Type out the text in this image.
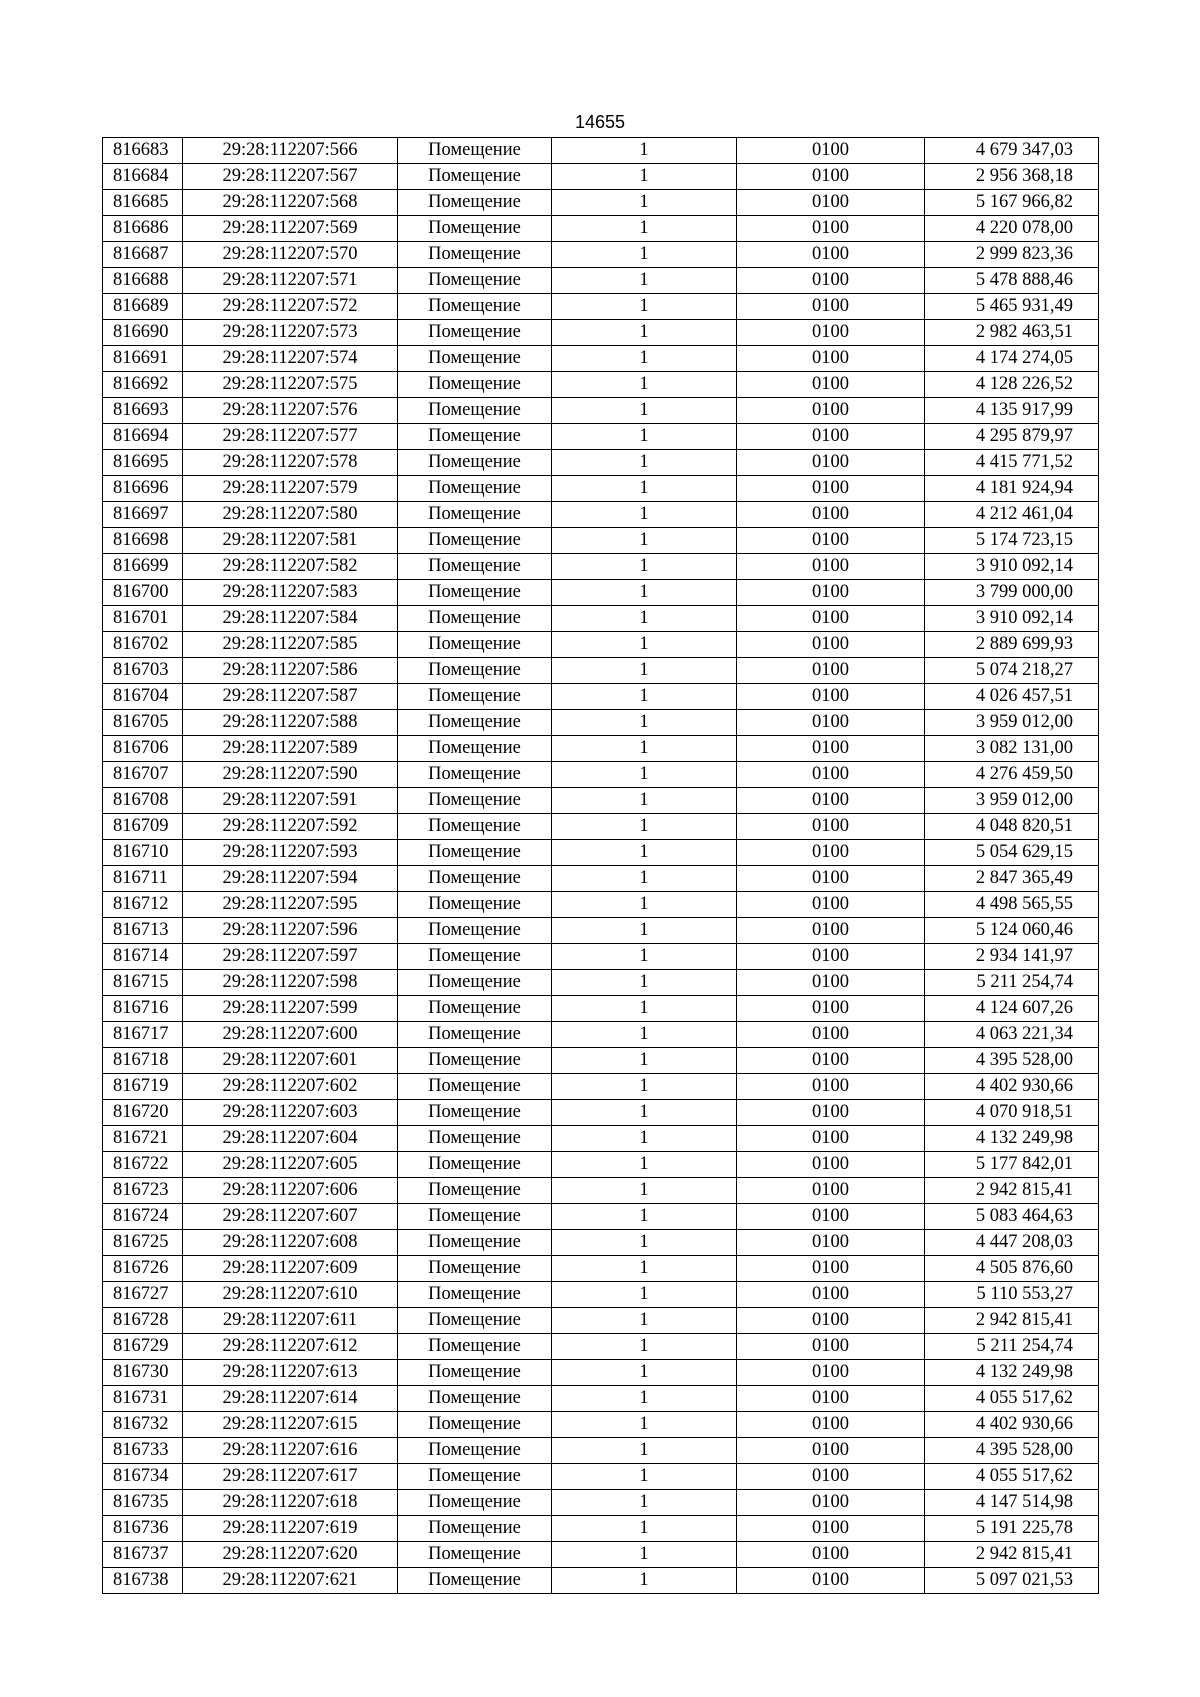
14655
816683	29:28:112207:566	Помещение	1	0100	4 679 347,03
816684	29:28:112207:567	Помещение	1	0100	2 956 368,18
816685	29:28:112207:568	Помещение	1	0100	5 167 966,82
816686	29:28:112207:569	Помещение	1	0100	4 220 078,00
816687	29:28:112207:570	Помещение	1	0100	2 999 823,36
816688	29:28:112207:571	Помещение	1	0100	5 478 888,46
816689	29:28:112207:572	Помещение	1	0100	5 465 931,49
816690	29:28:112207:573	Помещение	1	0100	2 982 463,51
816691	29:28:112207:574	Помещение	1	0100	4 174 274,05
816692	29:28:112207:575	Помещение	1	0100	4 128 226,52
816693	29:28:112207:576	Помещение	1	0100	4 135 917,99
816694	29:28:112207:577	Помещение	1	0100	4 295 879,97
816695	29:28:112207:578	Помещение	1	0100	4 415 771,52
816696	29:28:112207:579	Помещение	1	0100	4 181 924,94
816697	29:28:112207:580	Помещение	1	0100	4 212 461,04
816698	29:28:112207:581	Помещение	1	0100	5 174 723,15
816699	29:28:112207:582	Помещение	1	0100	3 910 092,14
816700	29:28:112207:583	Помещение	1	0100	3 799 000,00
816701	29:28:112207:584	Помещение	1	0100	3 910 092,14
816702	29:28:112207:585	Помещение	1	0100	2 889 699,93
816703	29:28:112207:586	Помещение	1	0100	5 074 218,27
816704	29:28:112207:587	Помещение	1	0100	4 026 457,51
816705	29:28:112207:588	Помещение	1	0100	3 959 012,00
816706	29:28:112207:589	Помещение	1	0100	3 082 131,00
816707	29:28:112207:590	Помещение	1	0100	4 276 459,50
816708	29:28:112207:591	Помещение	1	0100	3 959 012,00
816709	29:28:112207:592	Помещение	1	0100	4 048 820,51
816710	29:28:112207:593	Помещение	1	0100	5 054 629,15
816711	29:28:112207:594	Помещение	1	0100	2 847 365,49
816712	29:28:112207:595	Помещение	1	0100	4 498 565,55
816713	29:28:112207:596	Помещение	1	0100	5 124 060,46
816714	29:28:112207:597	Помещение	1	0100	2 934 141,97
816715	29:28:112207:598	Помещение	1	0100	5 211 254,74
816716	29:28:112207:599	Помещение	1	0100	4 124 607,26
816717	29:28:112207:600	Помещение	1	0100	4 063 221,34
816718	29:28:112207:601	Помещение	1	0100	4 395 528,00
816719	29:28:112207:602	Помещение	1	0100	4 402 930,66
816720	29:28:112207:603	Помещение	1	0100	4 070 918,51
816721	29:28:112207:604	Помещение	1	0100	4 132 249,98
816722	29:28:112207:605	Помещение	1	0100	5 177 842,01
816723	29:28:112207:606	Помещение	1	0100	2 942 815,41
816724	29:28:112207:607	Помещение	1	0100	5 083 464,63
816725	29:28:112207:608	Помещение	1	0100	4 447 208,03
816726	29:28:112207:609	Помещение	1	0100	4 505 876,60
816727	29:28:112207:610	Помещение	1	0100	5 110 553,27
816728	29:28:112207:611	Помещение	1	0100	2 942 815,41
816729	29:28:112207:612	Помещение	1	0100	5 211 254,74
816730	29:28:112207:613	Помещение	1	0100	4 132 249,98
816731	29:28:112207:614	Помещение	1	0100	4 055 517,62
816732	29:28:112207:615	Помещение	1	0100	4 402 930,66
816733	29:28:112207:616	Помещение	1	0100	4 395 528,00
816734	29:28:112207:617	Помещение	1	0100	4 055 517,62
816735	29:28:112207:618	Помещение	1	0100	4 147 514,98
816736	29:28:112207:619	Помещение	1	0100	5 191 225,78
816737	29:28:112207:620	Помещение	1	0100	2 942 815,41
816738	29:28:112207:621	Помещение	1	0100	5 097 021,53
